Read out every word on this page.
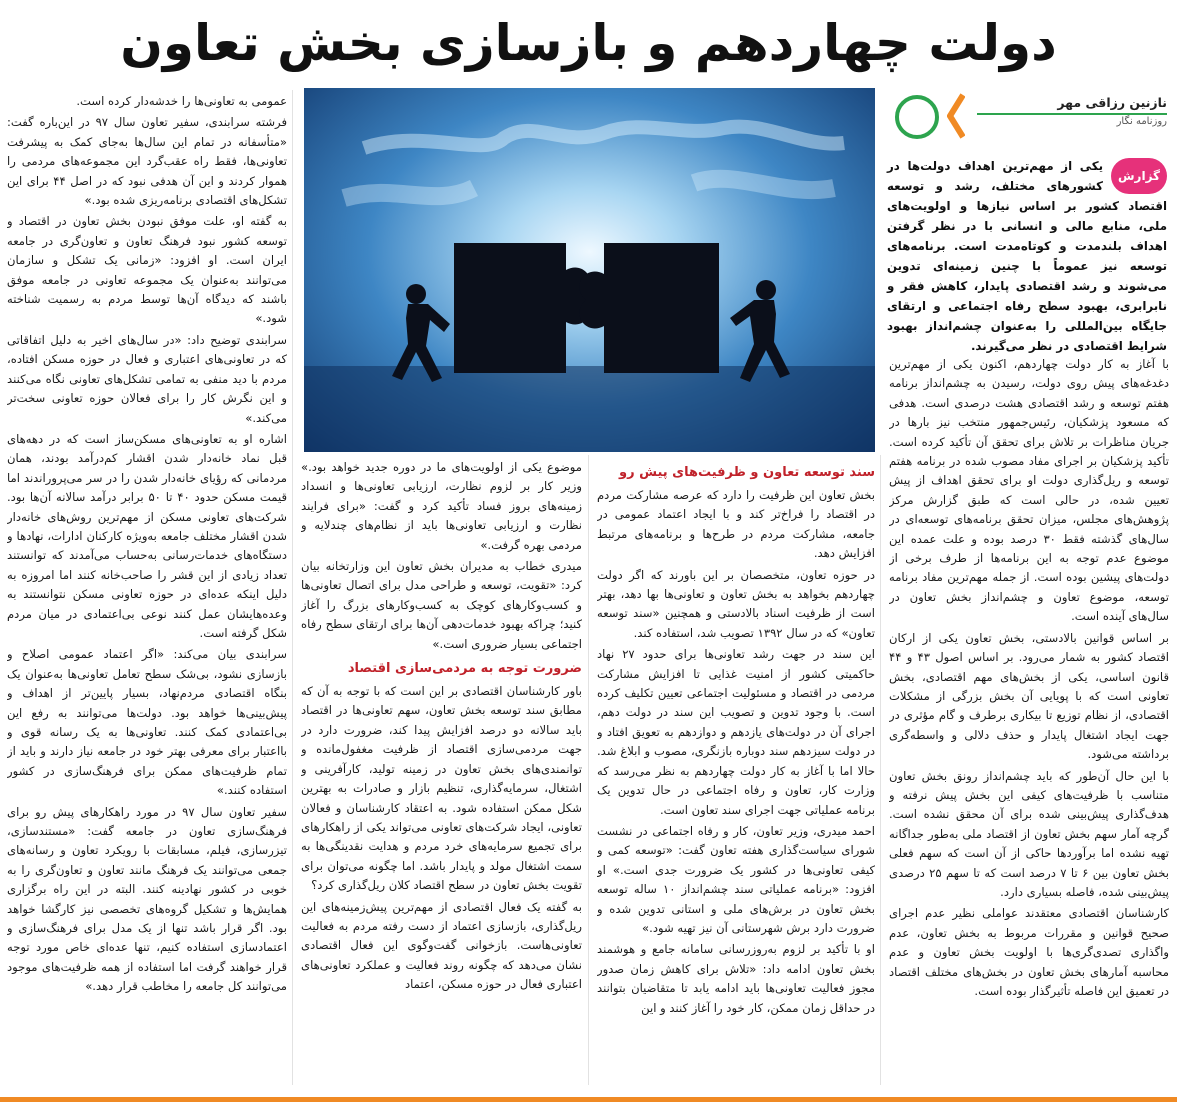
دولت چهاردهم و بازسازی بخش تعاون
نازنین رزاقی مهر
روزنامه نگار
گزارش
یکی از مهم‌ترین اهداف دولت‌ها در کشورهای مختلف، رشد و توسعه اقتصاد کشور بر اساس نیازها و اولویت‌های ملی، منابع مالی و انسانی با در نظر گرفتن اهداف بلندمدت و کوتاه‌مدت است. برنامه‌های توسعه نیز عموماً با چنین زمینه‌ای تدوین می‌شوند و رشد اقتصادی پایدار، کاهش فقر و نابرابری، بهبود سطح رفاه اجتماعی و ارتقای جایگاه بین‌المللی را به‌عنوان چشم‌انداز بهبود شرایط اقتصادی در نظر می‌گیرند.

با آغاز به کار دولت چهاردهم، اکنون یکی از مهم‌ترین دغدغه‌های پیش روی دولت، رسیدن به چشم‌انداز برنامه هفتم توسعه و رشد اقتصادی هشت درصدی است. هدفی که مسعود پزشکیان، رئیس‌جمهور منتخب نیز بارها در جریان مناظرات بر تلاش برای تحقق آن تأکید کرده است. تأکید پزشکیان بر اجرای مفاد مصوب شده در برنامه هفتم توسعه و ریل‌گذاری دولت او برای تحقق اهداف از پیش تعیین شده، در حالی است که طبق گزارش مرکز پژوهش‌های مجلس، میزان تحقق برنامه‌های توسعه‌ای در سال‌های گذشته فقط ۳۰ درصد بوده و علت عمده این موضوع عدم توجه به این برنامه‌ها از طرف برخی از دولت‌های پیشین بوده است. از جمله مهم‌ترین مفاد برنامه توسعه، موضوع تعاون و چشم‌انداز بخش تعاون در سال‌های آینده است.

بر اساس قوانین بالادستی، بخش تعاون یکی از ارکان اقتصاد کشور به شمار می‌رود. بر اساس اصول ۴۳ و ۴۴ قانون اساسی، یکی از بخش‌های مهم اقتصادی، بخش تعاونی است که با پویایی آن بخش بزرگی از مشکلات اقتصادی، از نظام توزیع تا بیکاری برطرف و گام مؤثری در جهت ایجاد اشتغال پایدار و حذف دلالی و واسطه‌گری برداشته می‌شود.

با این حال آن‌طور که باید چشم‌انداز رونق بخش تعاون متناسب با ظرفیت‌های کیفی این بخش پیش نرفته و هدف‌گذاری پیش‌بینی شده برای آن محقق نشده است. گرچه آمار سهم بخش تعاون از اقتصاد ملی به‌طور جداگانه تهیه نشده اما برآوردها حاکی از آن است که سهم فعلی بخش تعاون بین ۶ تا ۷ درصد است که تا سهم ۲۵ درصدی پیش‌بینی شده، فاصله بسیاری دارد.

کارشناسان اقتصادی معتقدند عواملی نظیر عدم اجرای صحیح قوانین و مقررات مربوط به بخش تعاون، عدم واگذاری تصدی‌گری‌ها با اولویت بخش تعاون و عدم محاسبه آمارهای بخش تعاون در بخش‌های مختلف اقتصاد در تعمیق این فاصله تأثیرگذار بوده است.

سند توسعه تعاون و ظرفیت‌های پیش رو

بخش تعاون این ظرفیت را دارد که عرصه مشارکت مردم در اقتصاد را فراخ‌تر کند و با ایجاد اعتماد عمومی در جامعه، مشارکت مردم در طرح‌ها و برنامه‌های مرتبط افزایش دهد.

در حوزه تعاون، متخصصان بر این باورند که اگر دولت چهاردهم بخواهد به بخش تعاون و تعاونی‌ها بها دهد، بهتر است از ظرفیت اسناد بالادستی و همچنین «سند توسعه تعاون» که در سال ۱۳۹۲ تصویب شد، استفاده کند.

این سند در جهت رشد تعاونی‌ها برای حدود ۲۷ نهاد حاکمیتی کشور از امنیت غذایی تا افزایش مشارکت مردمی در اقتصاد و مسئولیت اجتماعی تعیین تکلیف کرده است. با وجود تدوین و تصویب این سند در دولت دهم، اجرای آن در دولت‌های یازدهم و دوازدهم به تعویق افتاد و در دولت سیزدهم سند دوباره بازنگری، مصوب و ابلاغ شد. حالا اما با آغاز به کار دولت چهاردهم به نظر می‌رسد که وزارت کار، تعاون و رفاه اجتماعی در حال تدوین یک برنامه عملیاتی جهت اجرای سند تعاون است.

احمد میدری، وزیر تعاون، کار و رفاه اجتماعی در نشست شورای سیاست‌گذاری هفته تعاون گفت: «توسعه کمی و کیفی تعاونی‌ها در کشور یک ضرورت جدی است.» او افزود: «برنامه عملیاتی سند چشم‌انداز ۱۰ ساله توسعه بخش تعاون در برش‌های ملی و استانی تدوین شده و ضرورت دارد برش شهرستانی آن نیز تهیه شود.»

او با تأکید بر لزوم به‌روزرسانی سامانه جامع و هوشمند بخش تعاون ادامه داد: «تلاش برای کاهش زمان صدور مجوز فعالیت تعاونی‌ها باید ادامه یابد تا متقاضیان بتوانند در حداقل زمان ممکن، کار خود را آغاز کنند و این

موضوع یکی از اولویت‌های ما در دوره جدید خواهد بود.» وزیر کار بر لزوم نظارت، ارزیابی تعاونی‌ها و انسداد زمینه‌های بروز فساد تأکید کرد و گفت: «برای فرایند نظارت و ارزیابی تعاونی‌ها باید از نظام‌های چندلایه و مردمی بهره گرفت.»

میدری خطاب به مدیران بخش تعاون این وزارتخانه بیان کرد: «تقویت، توسعه و طراحی مدل برای اتصال تعاونی‌ها و کسب‌وکارهای کوچک به کسب‌وکارهای بزرگ را آغاز کنید؛ چراکه بهبود خدمات‌دهی آن‌ها برای ارتقای سطح رفاه اجتماعی بسیار ضروری است.»

ضرورت توجه به مردمی‌سازی اقتصاد

باور کارشناسان اقتصادی بر این است که با توجه به آن که مطابق سند توسعه بخش تعاون، سهم تعاونی‌ها در اقتصاد باید سالانه دو درصد افزایش پیدا کند، ضرورت دارد در جهت مردمی‌سازی اقتصاد از ظرفیت مغفول‌مانده و توانمندی‌های بخش تعاون در زمینه تولید، کارآفرینی و اشتغال، سرمایه‌گذاری، تنظیم بازار و صادرات به بهترین شکل ممکن استفاده شود. به اعتقاد کارشناسان و فعالان تعاونی، ایجاد شرکت‌های تعاونی می‌تواند یکی از راهکارهای برای تجمیع سرمایه‌های خرد مردم و هدایت نقدینگی‌ها به سمت اشتغال مولد و پایدار باشد. اما چگونه می‌توان برای تقویت بخش تعاون در سطح اقتصاد کلان ریل‌گذاری کرد؟

به گفته یک فعال اقتصادی از مهم‌ترین پیش‌زمینه‌های این ریل‌گذاری، بازسازی اعتماد از دست رفته مردم به فعالیت تعاونی‌هاست. بازخوانی گفت‌وگوی این فعال اقتصادی نشان می‌دهد که چگونه روند فعالیت و عملکرد تعاونی‌های اعتباری فعال در حوزه مسکن، اعتماد

عمومی به تعاونی‌ها را خدشه‌دار کرده است.

فرشته سرابندی، سفیر تعاون سال ۹۷ در این‌باره گفت: «متأسفانه در تمام این سال‌ها به‌جای کمک به پیشرفت تعاونی‌ها، فقط راه عقب‌گرد این مجموعه‌های مردمی را هموار کردند و این آن هدفی نبود که در اصل ۴۴ برای این تشکل‌های اقتصادی برنامه‌ریزی شده بود.»

به گفته او، علت موفق نبودن بخش تعاون در اقتصاد و توسعه کشور نبود فرهنگ تعاون و تعاون‌گری در جامعه ایران است. او افزود: «زمانی یک تشکل و سازمان می‌توانند به‌عنوان یک مجموعه تعاونی در جامعه موفق باشند که دیدگاه آن‌ها توسط مردم به رسمیت شناخته شود.»

سرابندی توضیح داد: «در سال‌های اخیر به دلیل اتفاقاتی که در تعاونی‌های اعتباری و فعال در حوزه مسکن افتاده، مردم با دید منفی به تمامی تشکل‌های تعاونی نگاه می‌کنند و این نگرش کار را برای فعالان حوزه تعاونی سخت‌تر می‌کند.»

اشاره او به تعاونی‌های مسکن‌ساز است که در دهه‌های قبل نماد خانه‌دار شدن اقشار کم‌درآمد بودند، همان مردمانی که رؤیای خانه‌دار شدن را در سر می‌پروراندند اما قیمت مسکن حدود ۴۰ تا ۵۰ برابر درآمد سالانه آن‌ها بود. شرکت‌های تعاونی مسکن از مهم‌ترین روش‌های خانه‌دار شدن اقشار مختلف جامعه به‌ویژه کارکنان ادارات، نهادها و دستگاه‌های خدمات‌رسانی به‌حساب می‌آمدند که توانستند تعداد زیادی از این قشر را صاحب‌خانه کنند اما امروزه به دلیل اینکه عده‌ای در حوزه تعاونی مسکن نتوانستند به وعده‌هایشان عمل کنند نوعی بی‌اعتمادی در میان مردم شکل گرفته است.

سرابندی بیان می‌کند: «اگر اعتماد عمومی اصلاح و بازسازی نشود، بی‌شک سطح تعامل تعاونی‌ها به‌عنوان یک بنگاه اقتصادی مردم‌نهاد، بسیار پایین‌تر از اهداف و پیش‌بینی‌ها خواهد بود. دولت‌ها می‌توانند به رفع این بی‌اعتمادی کمک کنند. تعاونی‌ها به یک رسانه قوی و بااعتبار برای معرفی بهتر خود در جامعه نیاز دارند و باید از تمام ظرفیت‌های ممکن برای فرهنگ‌سازی در کشور استفاده کنند.»

سفیر تعاون سال ۹۷ در مورد راهکارهای پیش رو برای فرهنگ‌سازی تعاون در جامعه گفت: «مستندسازی، تیزرسازی، فیلم، مسابقات با رویکرد تعاون و رسانه‌های جمعی می‌توانند یک فرهنگ مانند تعاون و تعاون‌گری را به خوبی در کشور نهادینه کنند. البته در این راه برگزاری همایش‌ها و تشکیل گروه‌های تخصصی نیز کارگشا خواهد بود. اگر قرار باشد تنها از یک مدل برای فرهنگ‌سازی و اعتمادسازی استفاده کنیم، تنها عده‌ای خاص مورد توجه قرار خواهند گرفت اما استفاده از همه ظرفیت‌های موجود می‌توانند کل جامعه را مخاطب قرار دهد.»
